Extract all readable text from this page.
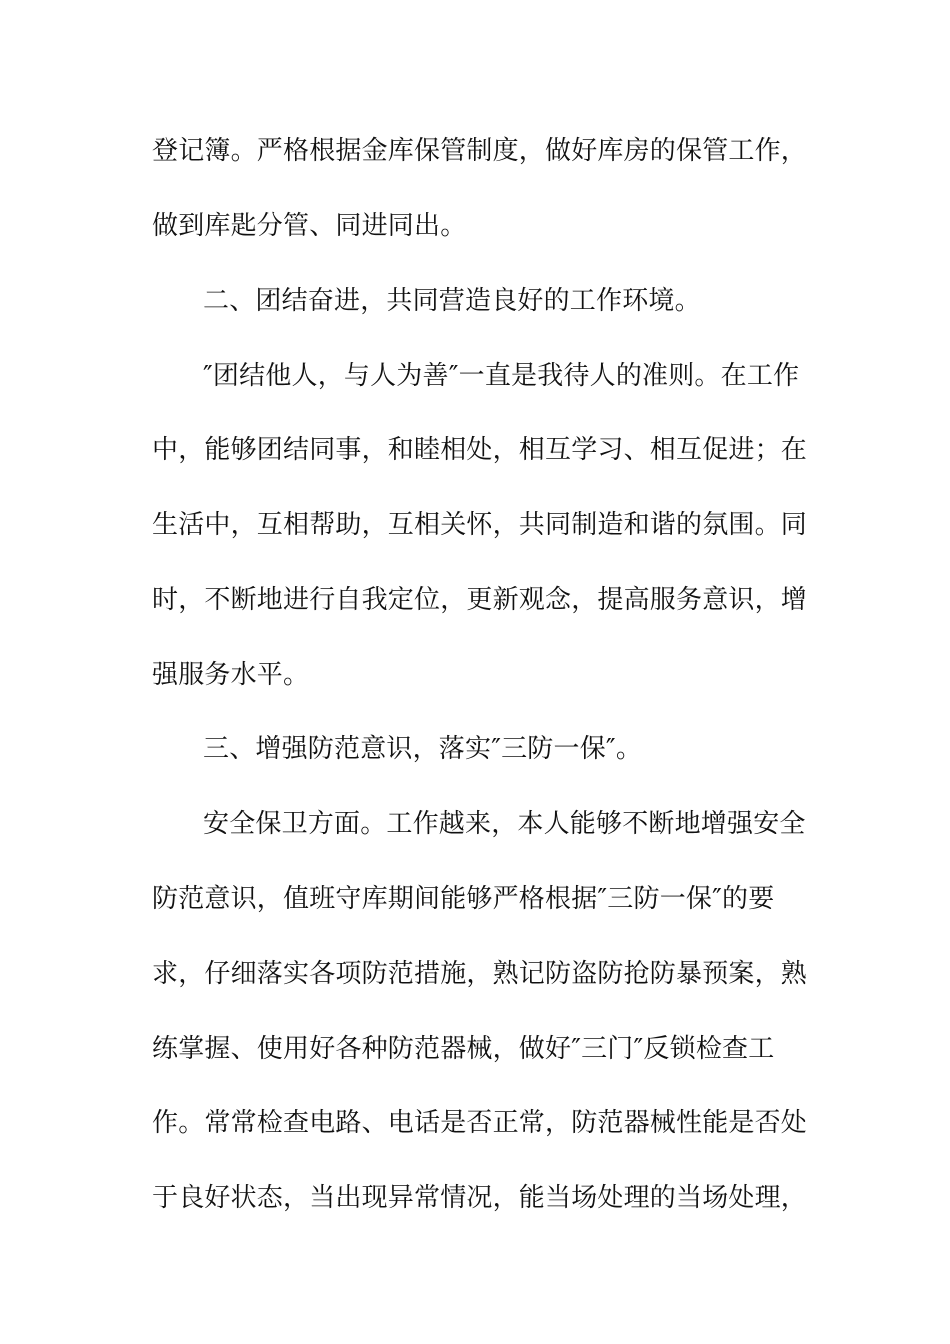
登记簿。严格根据金库保管制度，做好库房的保管工作，

做到库匙分管、同进同出。

二、团结奋进，共同营造良好的工作环境。

″团结他人，与人为善″一直是我待人的准则。在工作

中，能够团结同事，和睦相处，相互学习、相互促进；在

生活中，互相帮助，互相关怀，共同制造和谐的氛围。同

时，不断地进行自我定位，更新观念，提高服务意识，增

强服务水平。

三、增强防范意识，落实″三防一保″。

安全保卫方面。工作越来，本人能够不断地增强安全

防范意识，值班守库期间能够严格根据″三防一保″的要

求，仔细落实各项防范措施，熟记防盗防抢防暴预案，熟

练掌握、使用好各种防范器械，做好″三门″反锁检查工

作。常常检查电路、电话是否正常，防范器械性能是否处

于良好状态，当出现异常情况，能当场处理的当场处理，
